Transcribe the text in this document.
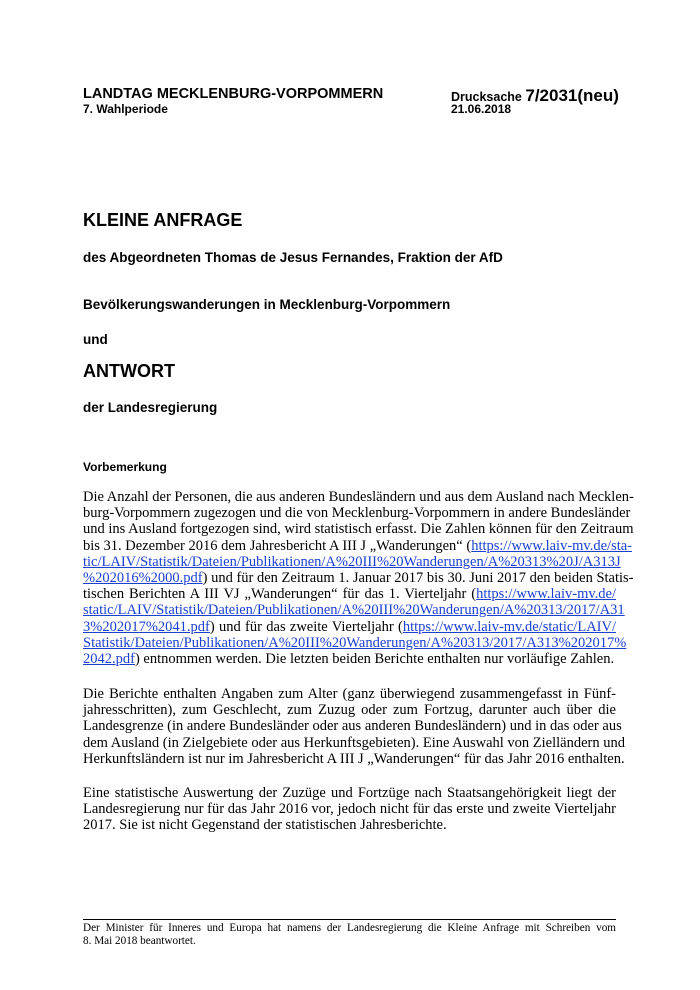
LANDTAG MECKLENBURG-VORPOMMERN	Drucksache 7/2031(neu)
7. Wahlperiode	21.06.2018
KLEINE ANFRAGE
des Abgeordneten Thomas de Jesus Fernandes, Fraktion der AfD
Bevölkerungswanderungen in Mecklenburg-Vorpommern
und
ANTWORT
der Landesregierung
Vorbemerkung
Die Anzahl der Personen, die aus anderen Bundesländern und aus dem Ausland nach Mecklen-
burg-Vorpommern zugezogen und die von Mecklenburg-Vorpommern in andere Bundesländer
und ins Ausland fortgezogen sind, wird statistisch erfasst. Die Zahlen können für den Zeitraum
bis 31. Dezember 2016 dem Jahresbericht A III J „Wanderungen“ (https://www.laiv-mv.de/sta-
tic/LAIV/Statistik/Dateien/Publikationen/A%20III%20Wanderungen/A%20313%20J/A313J
%202016%2000.pdf) und für den Zeitraum 1. Januar 2017 bis 30. Juni 2017 den beiden Statis-
tischen Berichten A III VJ „Wanderungen“ für das 1. Vierteljahr (https://www.laiv-mv.de/
static/LAIV/Statistik/Dateien/Publikationen/A%20III%20Wanderungen/A%20313/2017/A31
3%202017%2041.pdf) und für das zweite Vierteljahr (https://www.laiv-mv.de/static/LAIV/
Statistik/Dateien/Publikationen/A%20III%20Wanderungen/A%20313/2017/A313%202017%
2042.pdf) entnommen werden. Die letzten beiden Berichte enthalten nur vorläufige Zahlen.
Die Berichte enthalten Angaben zum Alter (ganz überwiegend zusammengefasst in Fünf-
jahresschritten), zum Geschlecht, zum Zuzug oder zum Fortzug, darunter auch über die
Landesgrenze (in andere Bundesländer oder aus anderen Bundesländern) und in das oder aus
dem Ausland (in Zielgebiete oder aus Herkunftsgebieten). Eine Auswahl von Zielländern und
Herkunftsländern ist nur im Jahresbericht A III J „Wanderungen“ für das Jahr 2016 enthalten.
Eine statistische Auswertung der Zuzüge und Fortzüge nach Staatsangehörigkeit liegt der
Landesregierung nur für das Jahr 2016 vor, jedoch nicht für das erste und zweite Vierteljahr
2017. Sie ist nicht Gegenstand der statistischen Jahresberichte.
Der Minister für Inneres und Europa hat namens der Landesregierung die Kleine Anfrage mit Schreiben vom
8. Mai 2018 beantwortet.
